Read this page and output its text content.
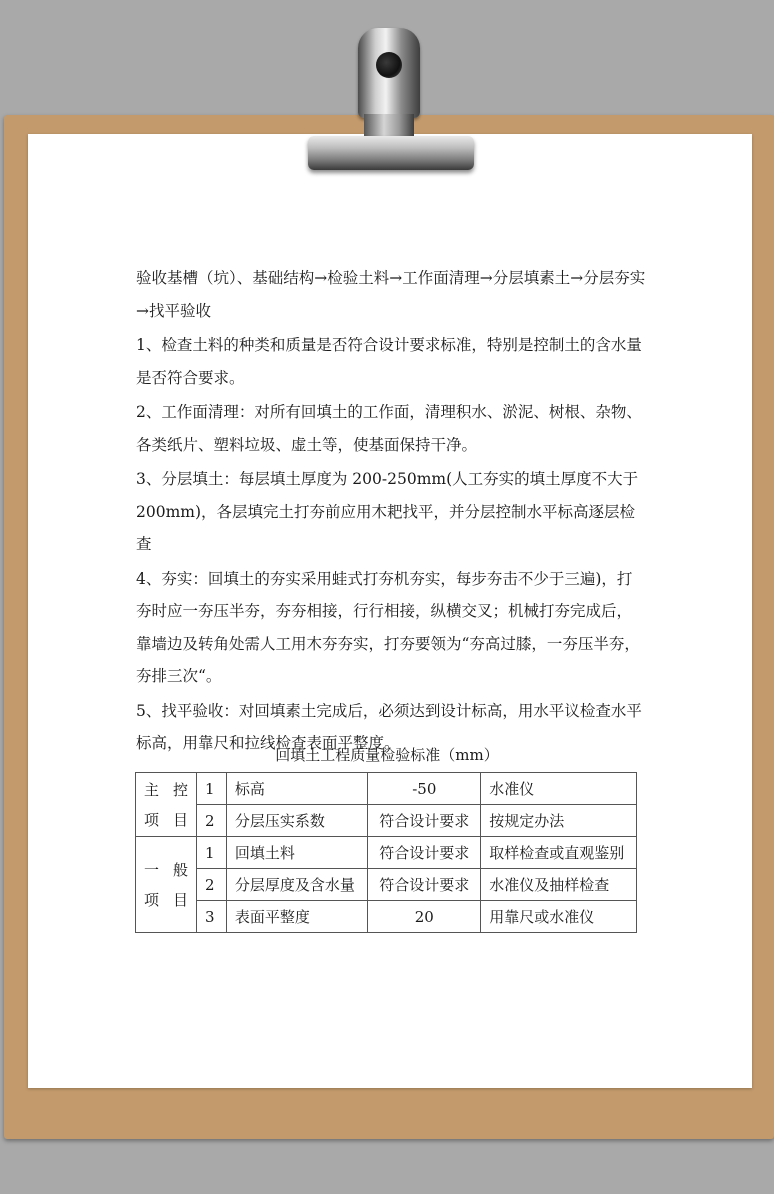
验收基槽（坑）、基础结构→检验土料→工作面清理→分层填素土→分层夯实→找平验收

1、检查土料的种类和质量是否符合设计要求标准，特别是控制土的含水量是否符合要求。

2、工作面清理：对所有回填土的工作面，清理积水、淤泥、树根、杂物、各类纸片、塑料垃圾、虚土等，使基面保持干净。

3、分层填土：每层填土厚度为 200-250mm(人工夯实的填土厚度不大于 200mm)，各层填完土打夯前应用木耙找平，并分层控制水平标高逐层检查

4、夯实：回填土的夯实采用蛙式打夯机夯实，每步夯击不少于三遍)，打夯时应一夯压半夯，夯夯相接，行行相接，纵横交叉；机械打夯完成后，靠墙边及转角处需人工用木夯夯实，打夯要领为“夯高过膝，一夯压半夯，夯排三次“。

5、找平验收：对回填素土完成后，必须达到设计标高，用水平议检查水平标高，用靠尺和拉线检查表面平整度。

回填土工程质量检验标准（mm）
主控
项目	1	标高	-50	水准仪
	2	分层压实系数	符合设计要求	按规定办法

一般
项目	1	回填土料	符合设计要求	取样检查或直观鉴别
	2	分层厚度及含水量	符合设计要求	水准仪及抽样检查
	3	表面平整度	20	用靠尺或水准仪
